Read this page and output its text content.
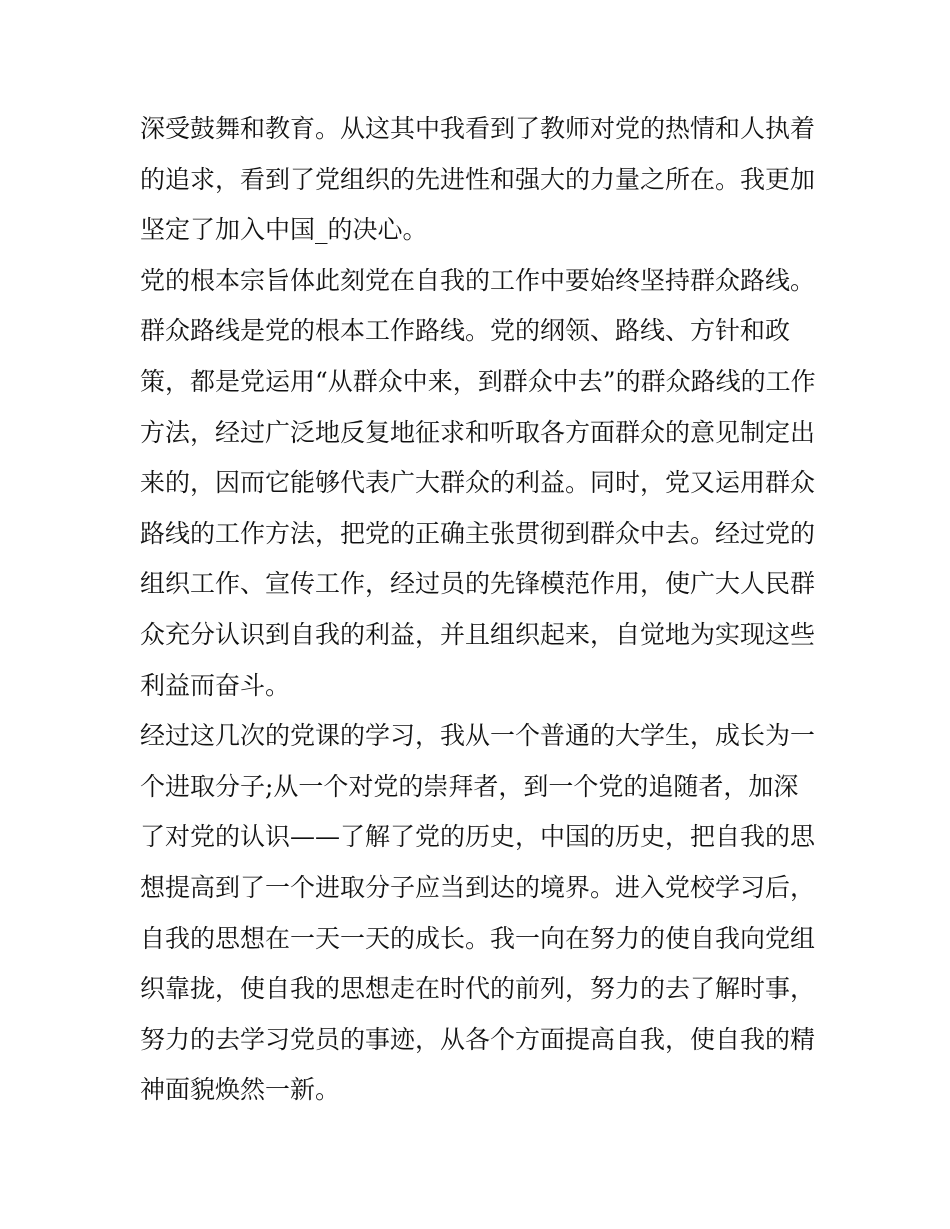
深受鼓舞和教育。从这其中我看到了教师对党的热情和人执着
的追求，看到了党组织的先进性和强大的力量之所在。我更加
坚定了加入中国_的决心。
党的根本宗旨体此刻党在自我的工作中要始终坚持群众路线。
群众路线是党的根本工作路线。党的纲领、路线、方针和政
策，都是党运用“从群众中来，到群众中去”的群众路线的工作
方法，经过广泛地反复地征求和听取各方面群众的意见制定出
来的，因而它能够代表广大群众的利益。同时，党又运用群众
路线的工作方法，把党的正确主张贯彻到群众中去。经过党的
组织工作、宣传工作，经过员的先锋模范作用，使广大人民群
众充分认识到自我的利益，并且组织起来，自觉地为实现这些
利益而奋斗。
经过这几次的党课的学习，我从一个普通的大学生，成长为一
个进取分子;从一个对党的崇拜者，到一个党的追随者，加深
了对党的认识——了解了党的历史，中国的历史，把自我的思
想提高到了一个进取分子应当到达的境界。进入党校学习后，
自我的思想在一天一天的成长。我一向在努力的使自我向党组
织靠拢，使自我的思想走在时代的前列，努力的去了解时事，
努力的去学习党员的事迹，从各个方面提高自我，使自我的精
神面貌焕然一新。
